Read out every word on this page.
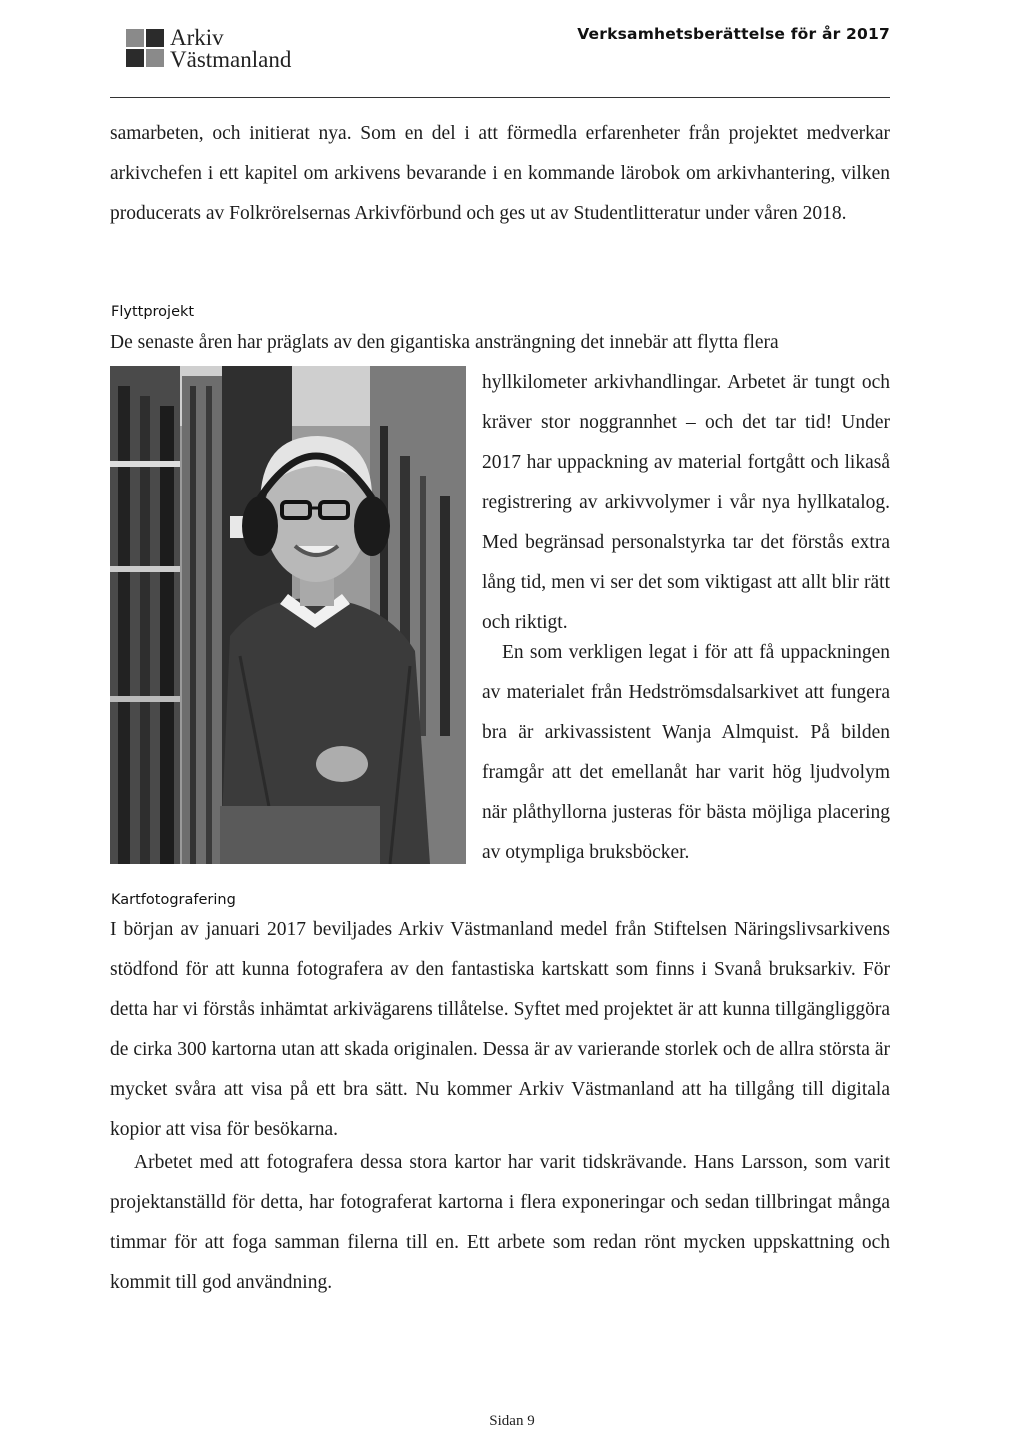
Arkiv
Västmanland
Verksamhetsberättelse för år 2017
samarbeten, och initierat nya. Som en del i att förmedla erfarenheter från projektet medverkar arkivchefen i ett kapitel om arkivens bevarande i en kommande lärobok om arkivhantering, vilken producerats av Folkrörelsernas Arkivförbund och ges ut av Studentlitteratur under våren 2018.
Flyttprojekt
De senaste åren har präglats av den gigantiska ansträngning det innebär att flytta flera
hyllkilometer arkivhandlingar. Arbetet är tungt och kräver stor noggrannhet – och det tar tid! Under 2017 har uppackning av material fortgått och likaså registrering av arkivvolymer i vår nya hyllkatalog. Med begränsad personalstyrka tar det förstås extra lång tid, men vi ser det som viktigast att allt blir rätt och riktigt.
En som verkligen legat i för att få uppackningen av materialet från Hedströmsdalsarkivet att fungera bra är arkivassistent Wanja Almquist. På bilden framgår att det emellanåt har varit hög ljudvolym när plåthyllorna justeras för bästa möjliga placering av otympliga bruksböcker.
Kartfotografering
I början av januari 2017 beviljades Arkiv Västmanland medel från Stiftelsen Näringslivsarkivens stödfond för att kunna fotografera av den fantastiska kartskatt som finns i Svanå bruksarkiv. För detta har vi förstås inhämtat arkivägarens tillåtelse. Syftet med projektet är att kunna tillgängliggöra de cirka 300 kartorna utan att skada originalen. Dessa är av varierande storlek och de allra största är mycket svåra att visa på ett bra sätt. Nu kommer Arkiv Västmanland att ha tillgång till digitala kopior att visa för besökarna.
Arbetet med att fotografera dessa stora kartor har varit tidskrävande. Hans Larsson, som varit projektanställd för detta, har fotograferat kartorna i flera exponeringar och sedan tillbringat många timmar för att foga samman filerna till en. Ett arbete som redan rönt mycken uppskattning och kommit till god användning.
Sidan 9
